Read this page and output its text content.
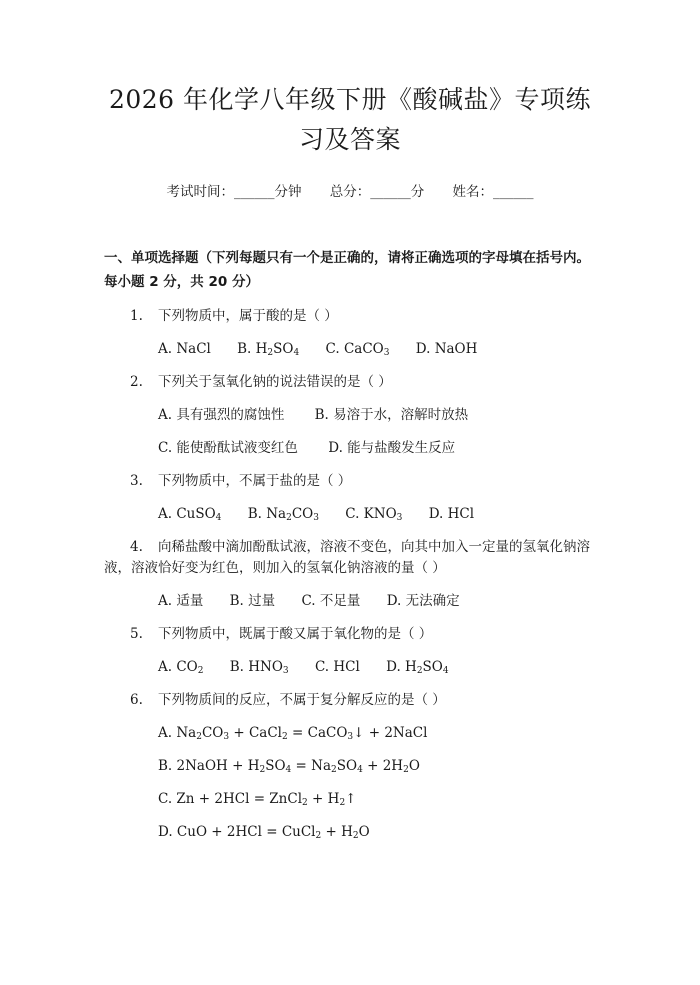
2026 年化学八年级下册《酸碱盐》专项练习及答案
考试时间：______分钟 总分：______分 姓名：______
一、单项选择题（下列每题只有一个是正确的，请将正确选项的字母填在括号内。每小题 2 分，共 20 分）
1. 下列物质中，属于酸的是（ ）
A. NaCl B. $H_2SO_4$ C. CaCO$_3$ D. NaOH
2. 下列关于氢氧化钠的说法错误的是（ ）
A. 具有强烈的腐蚀性 B. 易溶于水，溶解时放热
C. 能使酚酞试液变红色 D. 能与盐酸发生反应
3. 下列物质中，不属于盐的是（ ）
A. CuSO$_4$ B. $Na_2CO_3$ C. $KNO_3$ D. HCl
4. 向稀盐酸中滴加酚酞试液，溶液不变色，向其中加入一定量的氢氧化钠溶液，溶液恰好变为红色，则加入的氢氧化钠溶液的量（ ）
A. 适量 B. 过量 C. 不足量 D. 无法确定
5. 下列物质中，既属于酸又属于氧化物的是（ ）
A. $CO_2$ B. $HNO_3$ C. HCl D. $H_2SO_4$
6. 下列物质间的反应，不属于复分解反应的是（ ）
A. $Na_2CO_3$ + CaCl$_2$ = CaCO$_3$↓ + 2NaCl
B. 2NaOH + $H_2SO_4 = Na_2SO_4 + 2H_2O$
C. Zn + 2HCl = ZnCl$_2$ + $H_2↑$
D. CuO + 2HCl = CuCl$_2$ + $H_2O$
